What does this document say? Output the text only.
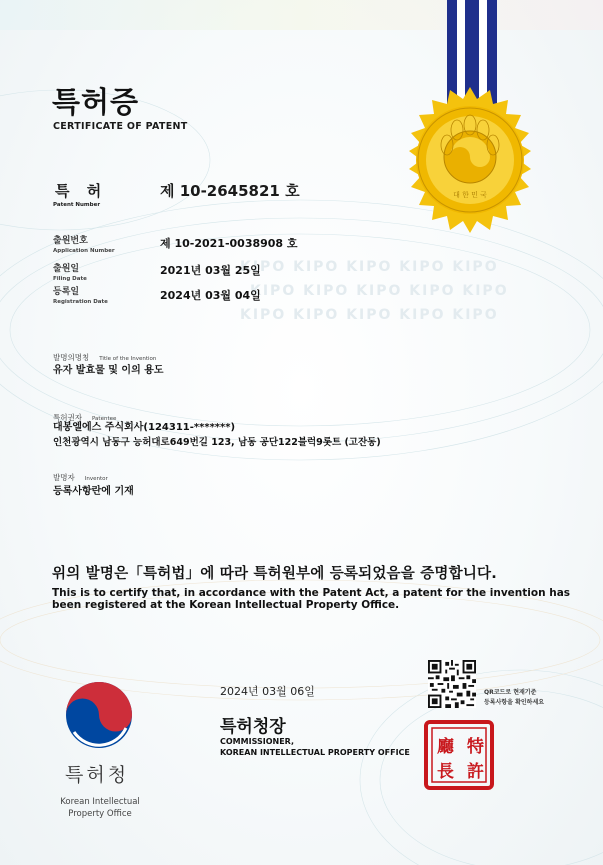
KIPO KIPO KIPO KIPO KIPO
KIPO KIPO KIPO KIPO KIPO
KIPO KIPO KIPO KIPO KIPO
대 한 민 국
특허증
CERTIFICATE OF PATENT
특 허
Patent Number
제 10-2645821 호
출원번호
Application Number
제 10-2021-0038908 호
출원일
Filing Date
2021년 03월 25일
등록일
Registration Date	2024년 03월 04일
발명의명칭 Title of the Invention
유자 발효물 및 이의 용도
특허권자 Patentee
대봉엘에스 주식회사(124311-*******)
인천광역시 남동구 능허대로649번길 123, 남동 공단122블럭9롯트 (고잔동)
발명자 Inventor
등록사항란에 기재
위의 발명은「특허법」에 따라 특허원부에 등록되었음을 증명합니다.
This is to certify that, in accordance with the Patent Act, a patent for the invention has been registered at the Korean Intellectual Property Office.
특허청
Korean Intellectual
Property Office
2024년 03월 06일
특허청장
COMMISSIONER,
KOREAN INTELLECTUAL PROPERTY OFFICE
QR코드로 현재기준
등록사항을 확인하세요
特
許
廳
長
